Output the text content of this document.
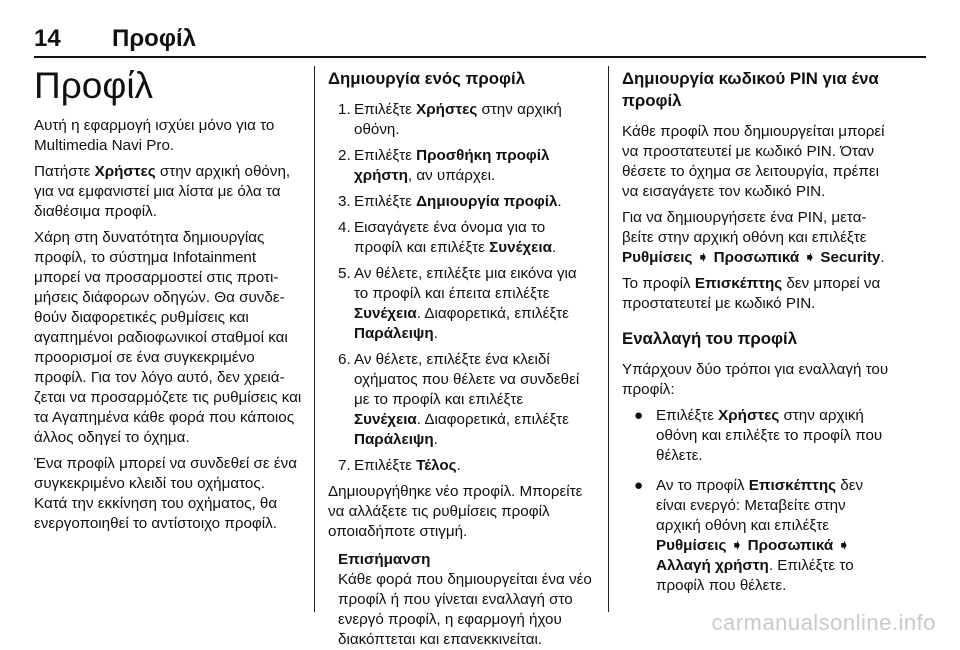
14 Προφίλ
Προφίλ

Αυτή η εφαρμογή ισχύει μόνο για το Multimedia Navi Pro.

Πατήστε Χρήστες στην αρχική οθόνη, για να εμφανιστεί μια λίστα με όλα τα διαθέσιμα προφίλ.

Χάρη στη δυνατότητα δημιουργίας προφίλ, το σύστημα Infotainment μπορεί να προσαρμοστεί στις προτιμήσεις διάφορων οδηγών. Θα συνδεθούν διαφορετικές ρυθμίσεις και αγαπημένοι ραδιοφωνικοί σταθμοί και προορισμοί σε ένα συγκεκριμένο προφίλ. Για τον λόγο αυτό, δεν χρειάζεται να προσαρμόζετε τις ρυθμίσεις και τα Αγαπημένα κάθε φορά που κάποιος άλλος οδηγεί το όχημα.

Ένα προφίλ μπορεί να συνδεθεί σε ένα συγκεκριμένο κλειδί του οχήματος. Κατά την εκκίνηση του οχήματος, θα ενεργοποιηθεί το αντίστοιχο προφίλ.

Δημιουργία ενός προφίλ
1. Επιλέξτε Χρήστες στην αρχική οθόνη.
2. Επιλέξτε Προσθήκη προφίλ χρήστη, αν υπάρχει.
3. Επιλέξτε Δημιουργία προφίλ.
4. Εισαγάγετε ένα όνομα για το προφίλ και επιλέξτε Συνέχεια.
5. Αν θέλετε, επιλέξτε μια εικόνα για το προφίλ και έπειτα επιλέξτε Συνέχεια. Διαφορετικά, επιλέξτε Παράλειψη.
6. Αν θέλετε, επιλέξτε ένα κλειδί οχήματος που θέλετε να συνδεθεί με το προφίλ και επιλέξτε Συνέχεια. Διαφορετικά, επιλέξτε Παράλειψη.
7. Επιλέξτε Τέλος.

Δημιουργήθηκε νέο προφίλ. Μπορείτε να αλλάξετε τις ρυθμίσεις προφίλ οποιαδήποτε στιγμή.

Επισήμανση
Κάθε φορά που δημιουργείται ένα νέο προφίλ ή που γίνεται εναλλαγή στο ενεργό προφίλ, η εφαρμογή ήχου διακόπτεται και επανεκκινείται.
Δημιουργία κωδικού PIN για ένα προφίλ

Κάθε προφίλ που δημιουργείται μπορεί να προστατευτεί με κωδικό PIN. Όταν θέσετε το όχημα σε λειτουργία, πρέπει να εισαγάγετε τον κωδικό PIN.

Για να δημιουργήσετε ένα PIN, μεταβείτε στην αρχική οθόνη και επιλέξτε Ρυθμίσεις ➧ Προσωπικά ➧ Security.

Το προφίλ Επισκέπτης δεν μπορεί να προστατευτεί με κωδικό PIN.

Εναλλαγή του προφίλ

Υπάρχουν δύο τρόποι για εναλλαγή του προφίλ:

● Επιλέξτε Χρήστες στην αρχική οθόνη και επιλέξτε το προφίλ που θέλετε.
● Αν το προφίλ Επισκέπτης δεν είναι ενεργό: Μεταβείτε στην αρχική οθόνη και επιλέξτε Ρυθμίσεις ➧ Προσωπικά ➧ Αλλαγή χρήστη. Επιλέξτε το προφίλ που θέλετε.
carmanualsonline.info
